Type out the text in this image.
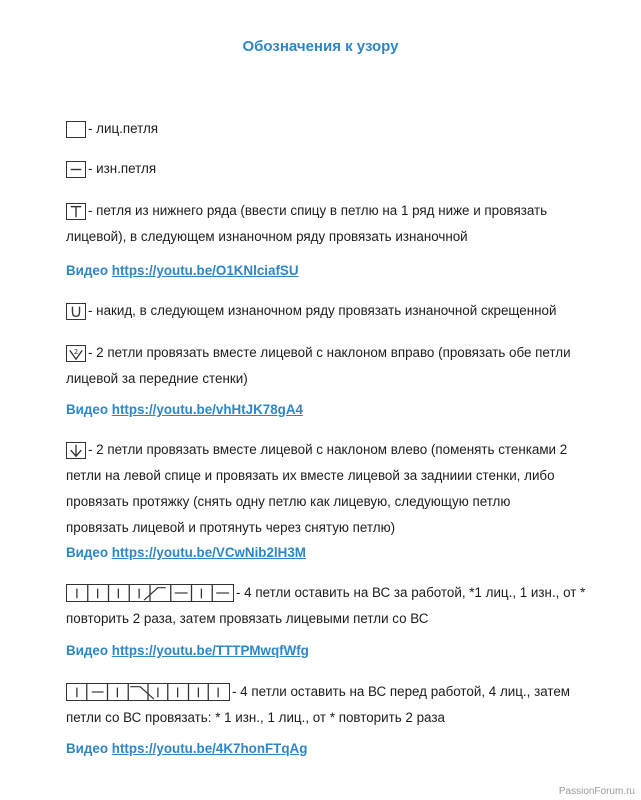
Обозначения к узору
- лиц.петля
- изн.петля
- петля из нижнего ряда (ввести спицу в петлю на 1 ряд ниже и провязать
лицевой), в следующем изнаночном ряду провязать изнаночной
Видео https://youtu.be/O1KNlciafSU
- накид, в следующем изнаночном ряду провязать изнаночной скрещенной
2 - 2 петли провязать вместе лицевой с наклоном вправо (провязать обе петли
лицевой за передние стенки)
Видео https://youtu.be/vhHtJK78gA4
- 2 петли провязать вместе лицевой с наклоном влево (поменять стенками 2
петли на левой спице и провязать их вместе лицевой за задниии стенки, либо
провязать протяжку (снять одну петлю как лицевую, следующую петлю
провязать лицевой и протянуть через снятую петлю)
Видео https://youtu.be/VCwNib2lH3M
- 4 петли оставить на ВС за работой, *1 лиц., 1 изн., от *
повторить 2 раза, затем провязать лицевыми петли со ВС
Видео https://youtu.be/TTTPMwqfWfg
- 4 петли оставить на ВС перед работой, 4 лиц., затем
петли со ВС провязать: * 1 изн., 1 лиц., от * повторить 2 раза
Видео https://youtu.be/4K7honFTqAg
PassionForum.ru
